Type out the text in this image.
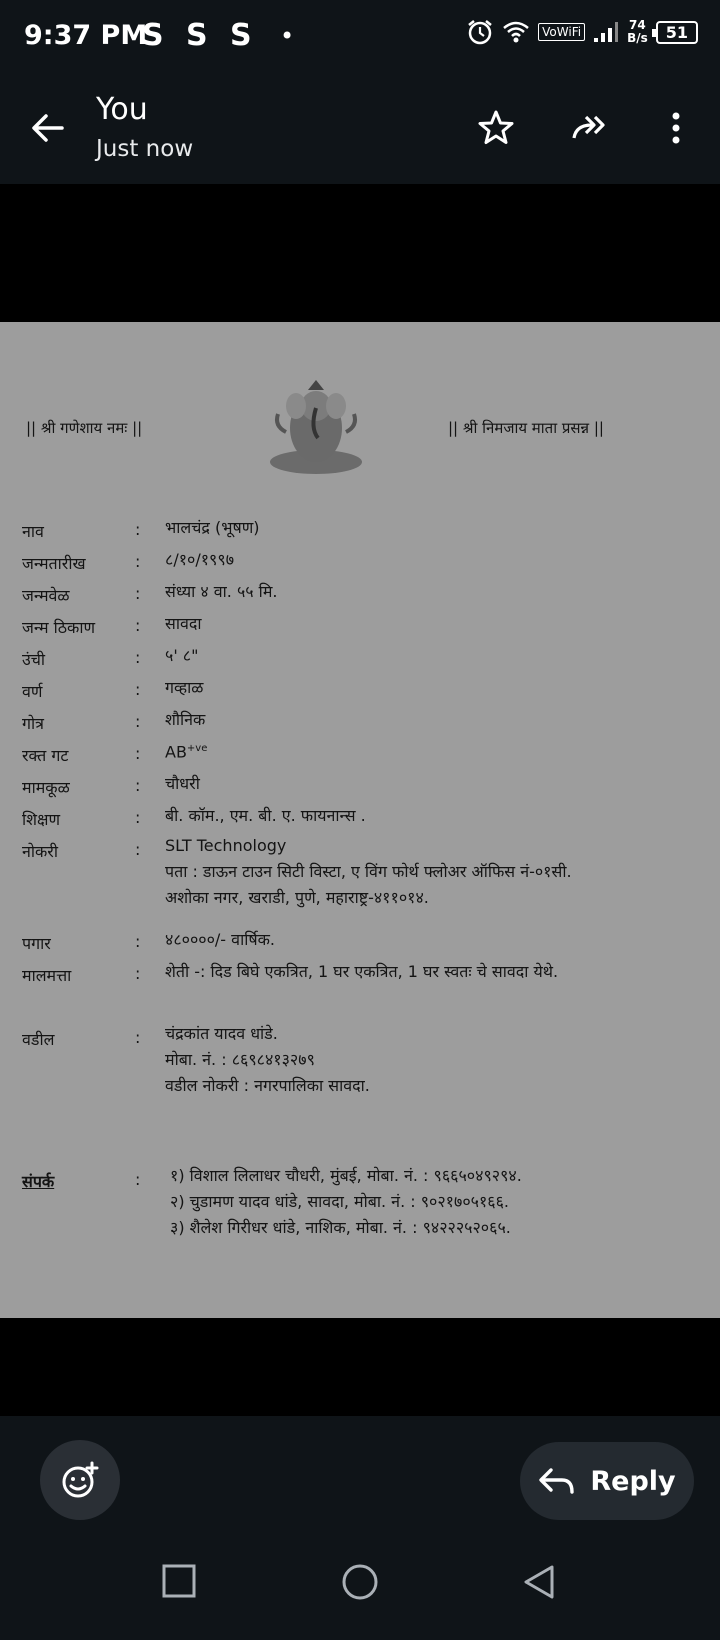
9:37 PM
S S S •	VoWiFi	74
B/s	51
You
Just now
|| श्री गणेशाय नमः ||	|| श्री निमजाय माता प्रसन्न ||
नाव	: भालचंद्र (भूषण)
जन्मतारीख	: ८/१०/१९९७
जन्मवेळ	: संध्या ४ वा. ५५ मि.
जन्म ठिकाण : सावदा
उंची	: ५' ८"
वर्ण	: गव्हाळ
गोत्र	: शौनिक
रक्त गट	: $AB^{+ve}$
मामकूळ	: चौधरी
शिक्षण	: बी. कॉम., एम. बी. ए. फायनान्स .
नोकरी	: SLT Technology
पता : डाऊन टाउन सिटी विस्टा, ए विंग फोर्थ फ्लोअर ऑफिस नं-०१सी.
अशोका नगर, खराडी, पुणे, महाराष्ट्र-४११०१४.
पगार	: ४८००००/- वार्षिक.
मालमत्ता	: शेती -: दिड बिघे एकत्रित, 1 घर एकत्रित, 1 घर स्वतः चे सावदा येथे.
वडील	: चंद्रकांत यादव धांडे.
मोबा. नं. : ८६९८४१३२७९
वडील नोकरी : नगरपालिका सावदा.
संपर्क	: १) विशाल लिलाधर चौधरी, मुंबई, मोबा. नं. : ९६६५०४९२९४.
२) चुडामण यादव धांडे, सावदा, मोबा. नं. : ९०२१७०५१६६.
३) शैलेश गिरीधर धांडे, नाशिक, मोबा. नं. : ९४२२२५२०६५.
Reply
